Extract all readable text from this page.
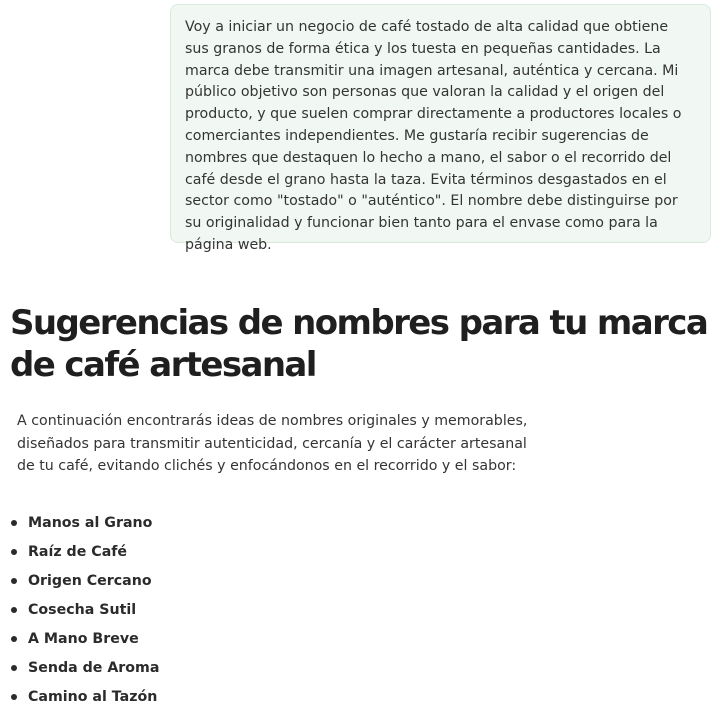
Voy a iniciar un negocio de café tostado de alta calidad que obtiene sus granos de forma ética y los tuesta en pequeñas cantidades. La marca debe transmitir una imagen artesanal, auténtica y cercana. Mi público objetivo son personas que valoran la calidad y el origen del producto, y que suelen comprar directamente a productores locales o comerciantes independientes. Me gustaría recibir sugerencias de nombres que destaquen lo hecho a mano, el sabor o el recorrido del café desde el grano hasta la taza. Evita términos desgastados en el sector como "tostado" o "auténtico". El nombre debe distinguirse por su originalidad y funcionar bien tanto para el envase como para la página web.

Sugerencias de nombres para tu marca de café artesanal

A continuación encontrarás ideas de nombres originales y memorables, diseñados para transmitir autenticidad, cercanía y el carácter artesanal de tu café, evitando clichés y enfocándonos en el recorrido y el sabor:

Manos al Grano
Raíz de Café
Origen Cercano
Cosecha Sutil
A Mano Breve
Senda de Aroma
Camino al Tazón
